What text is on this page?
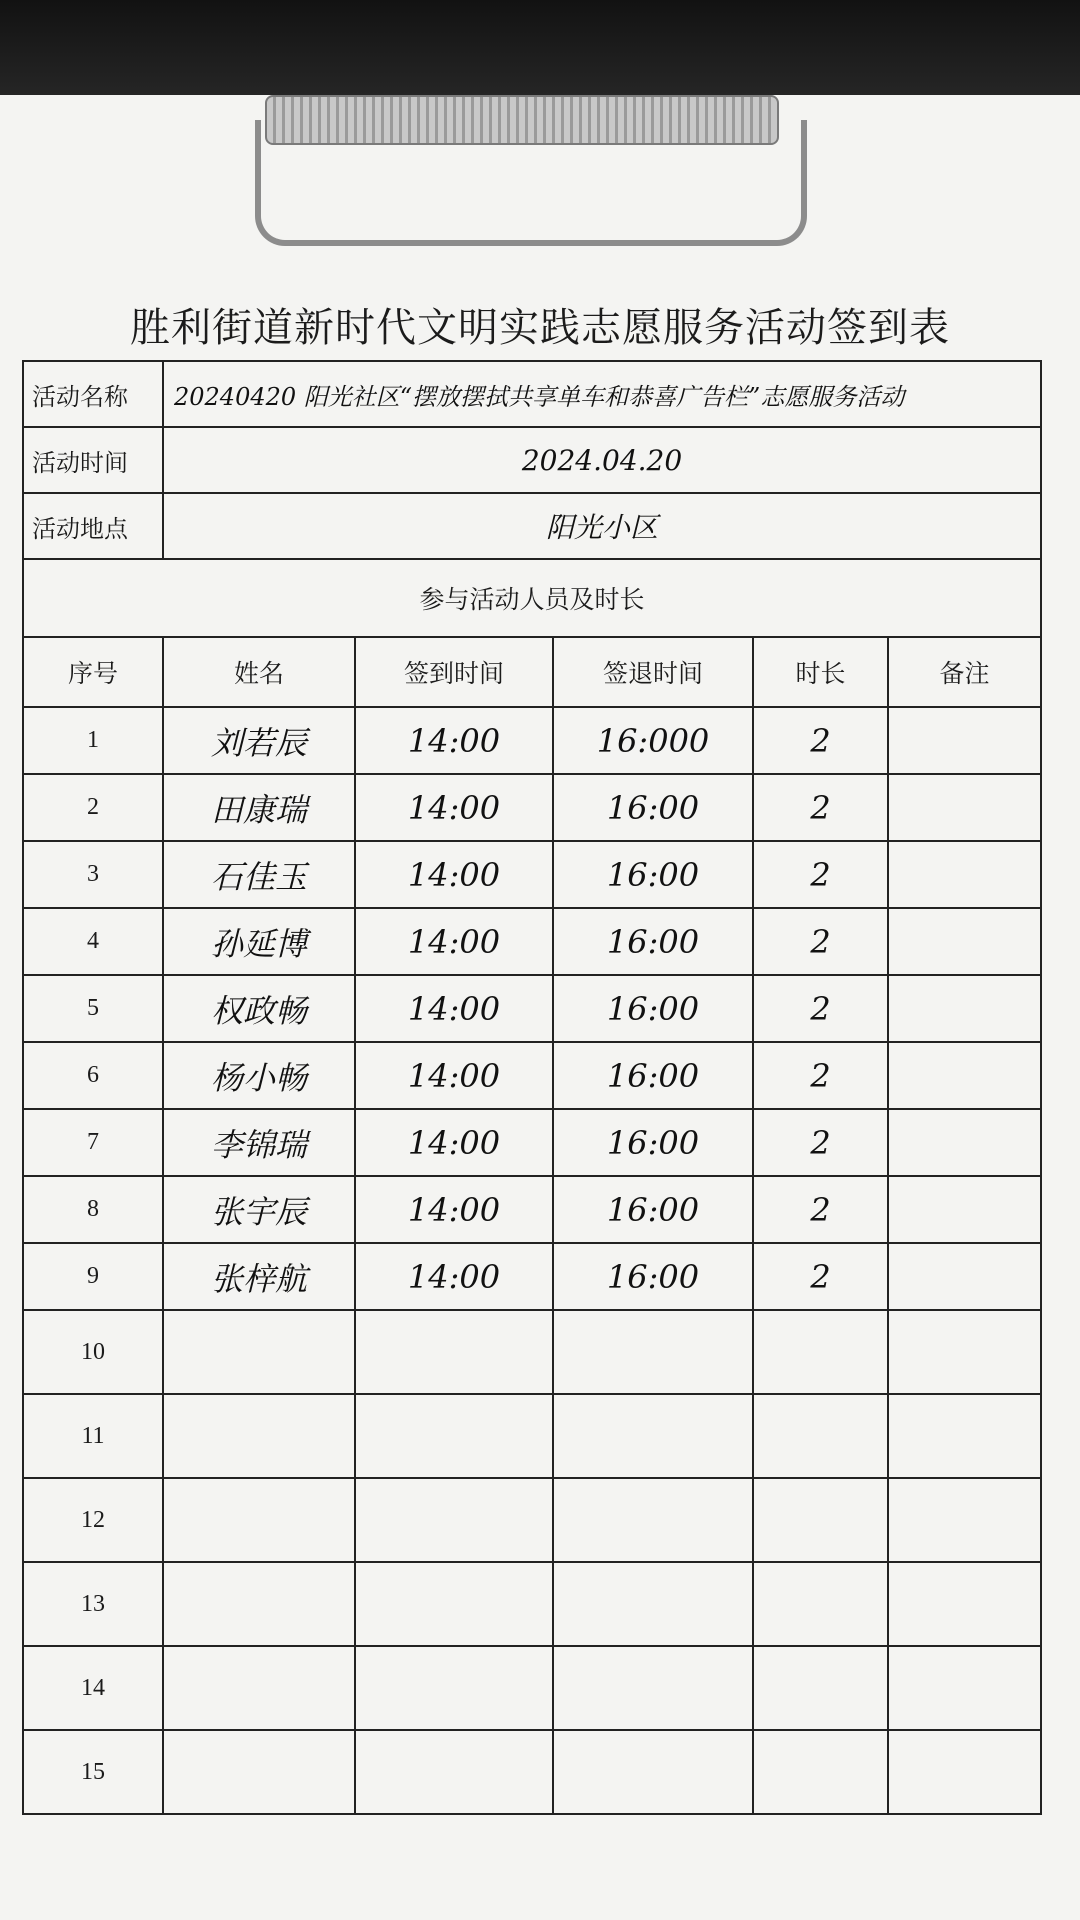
胜利街道新时代文明实践志愿服务活动签到表
活动名称	20240420 阳光社区“摆放摆拭共享单车和恭喜广告栏”志愿服务活动				
活动时间	2024.04.20				
活动地点	阳光小区				
参与活动人员及时长					
序号	姓名	签到时间	签退时间	时长	备注
1	刘若辰	14:00	16:000	2	
2	田康瑞	14:00	16:00	2	
3	石佳玉	14:00	16:00	2	
4	孙延博	14:00	16:00	2	
5	权政畅	14:00	16:00	2	
6	杨小畅	14:00	16:00	2	
7	李锦瑞	14:00	16:00	2	
8	张宇辰	14:00	16:00	2	
9	张梓航	14:00	16:00	2	
10					
11					
12					
13					
14					
15					
